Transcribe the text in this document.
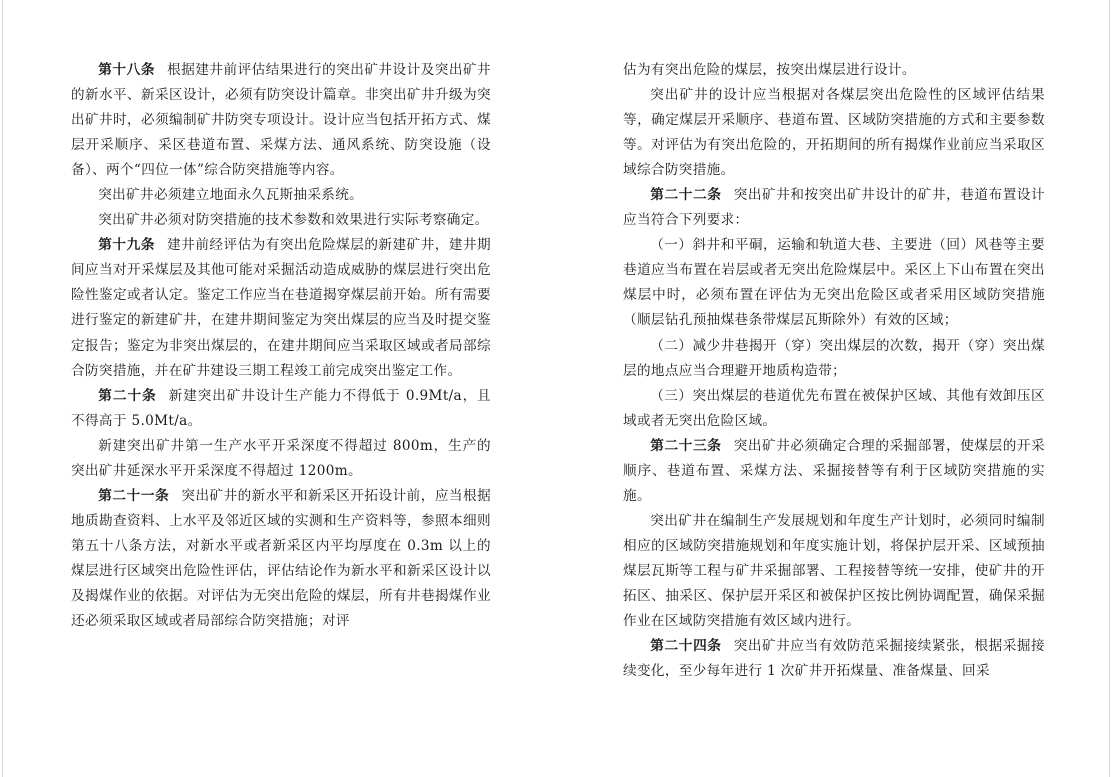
第十八条 根据建井前评估结果进行的突出矿井设计及突出矿井的新水平、新采区设计，必须有防突设计篇章。非突出矿井升级为突出矿井时，必须编制矿井防突专项设计。设计应当包括开拓方式、煤层开采顺序、采区巷道布置、采煤方法、通风系统、防突设施（设备）、两个“四位一体”综合防突措施等内容。

突出矿井必须建立地面永久瓦斯抽采系统。

突出矿井必须对防突措施的技术参数和效果进行实际考察确定。

第十九条 建井前经评估为有突出危险煤层的新建矿井，建井期间应当对开采煤层及其他可能对采掘活动造成威胁的煤层进行突出危险性鉴定或者认定。鉴定工作应当在巷道揭穿煤层前开始。所有需要进行鉴定的新建矿井，在建井期间鉴定为突出煤层的应当及时提交鉴定报告；鉴定为非突出煤层的，在建井期间应当采取区域或者局部综合防突措施，并在矿井建设三期工程竣工前完成突出鉴定工作。

第二十条 新建突出矿井设计生产能力不得低于 0.9Mt/a，且不得高于 5.0Mt/a。

新建突出矿井第一生产水平开采深度不得超过 800m，生产的突出矿井延深水平开采深度不得超过 1200m。

第二十一条 突出矿井的新水平和新采区开拓设计前，应当根据地质勘查资料、上水平及邻近区域的实测和生产资料等，参照本细则第五十八条方法，对新水平或者新采区内平均厚度在 0.3m 以上的煤层进行区域突出危险性评估，评估结论作为新水平和新采区设计以及揭煤作业的依据。对评估为无突出危险的煤层，所有井巷揭煤作业还必须采取区域或者局部综合防突措施；对评

估为有突出危险的煤层，按突出煤层进行设计。

突出矿井的设计应当根据对各煤层突出危险性的区域评估结果等，确定煤层开采顺序、巷道布置、区域防突措施的方式和主要参数等。对评估为有突出危险的，开拓期间的所有揭煤作业前应当采取区域综合防突措施。

第二十二条 突出矿井和按突出矿井设计的矿井，巷道布置设计应当符合下列要求：

（一）斜井和平硐，运输和轨道大巷、主要进（回）风巷等主要巷道应当布置在岩层或者无突出危险煤层中。采区上下山布置在突出煤层中时，必须布置在评估为无突出危险区或者采用区域防突措施（顺层钻孔预抽煤巷条带煤层瓦斯除外）有效的区域；

（二）减少井巷揭开（穿）突出煤层的次数，揭开（穿）突出煤层的地点应当合理避开地质构造带；

（三）突出煤层的巷道优先布置在被保护区域、其他有效卸压区域或者无突出危险区域。

第二十三条 突出矿井必须确定合理的采掘部署，使煤层的开采顺序、巷道布置、采煤方法、采掘接替等有利于区域防突措施的实施。

突出矿井在编制生产发展规划和年度生产计划时，必须同时编制相应的区域防突措施规划和年度实施计划，将保护层开采、区域预抽煤层瓦斯等工程与矿井采掘部署、工程接替等统一安排，使矿井的开拓区、抽采区、保护层开采区和被保护区按比例协调配置，确保采掘作业在区域防突措施有效区域内进行。

第二十四条 突出矿井应当有效防范采掘接续紧张，根据采掘接续变化，至少每年进行 1 次矿井开拓煤量、准备煤量、回采
